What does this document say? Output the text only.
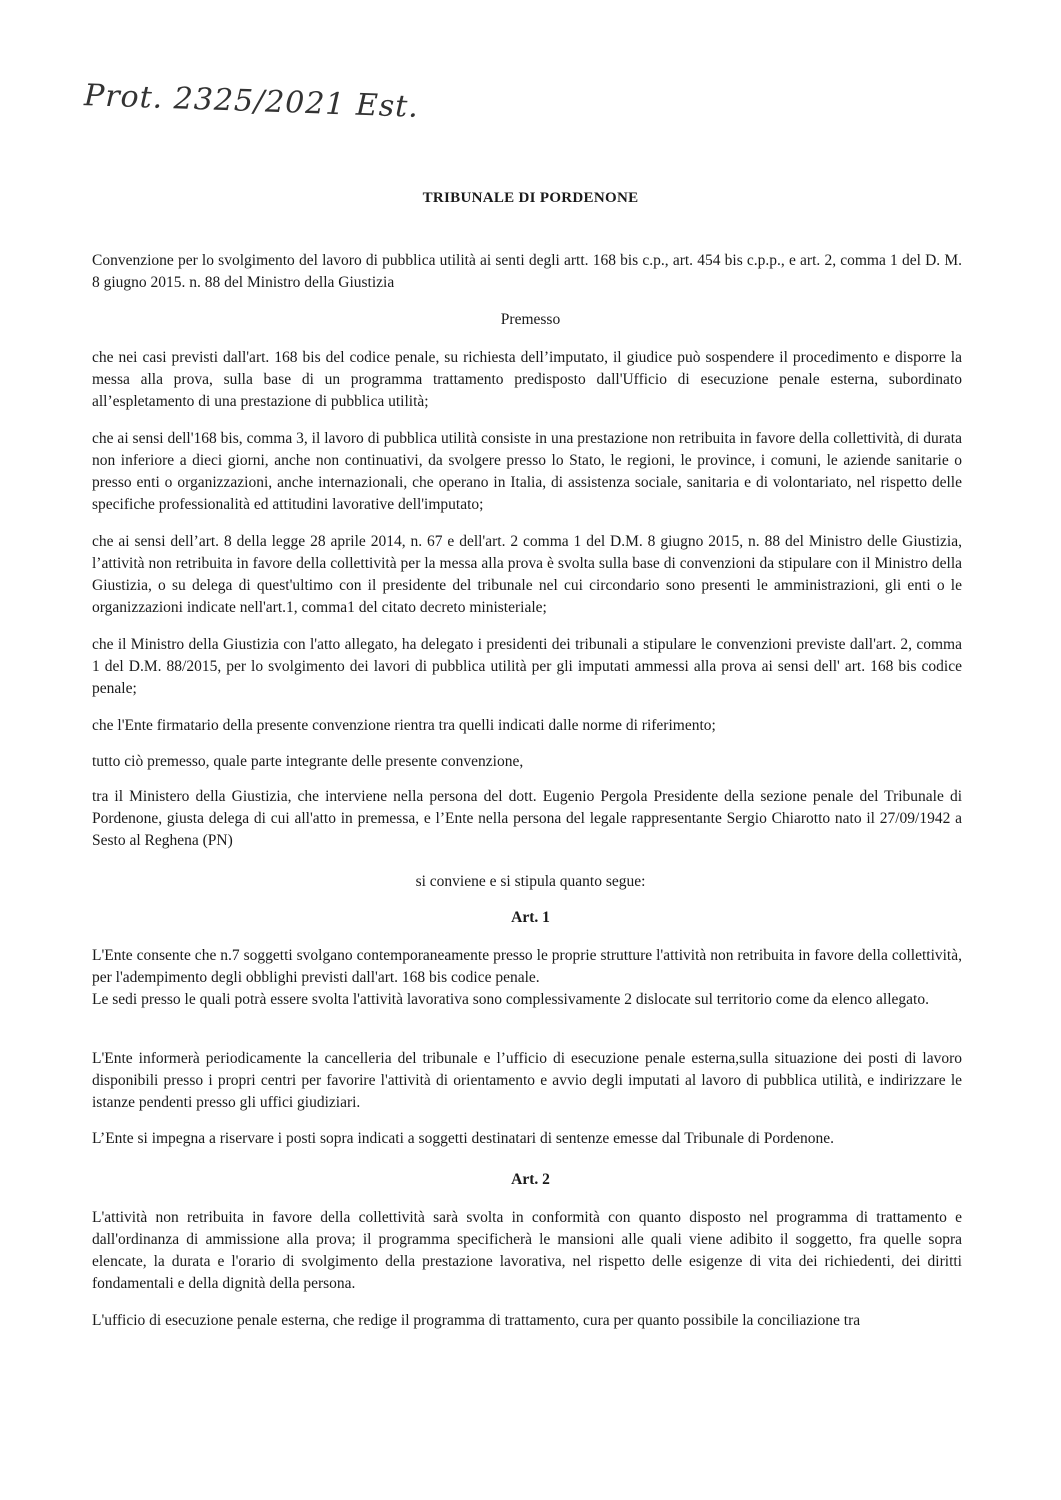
Prot. 2325/2021 Est.
TRIBUNALE DI PORDENONE

Convenzione per lo svolgimento del lavoro di pubblica utilità ai senti degli artt. 168 bis c.p., art. 454 bis c.p.p., e art. 2, comma 1 del D. M. 8 giugno 2015. n. 88 del Ministro della Giustizia

Premesso

che nei casi previsti dall'art. 168 bis del codice penale, su richiesta dell’imputato, il giudice può sospendere il procedimento e disporre la messa alla prova, sulla base di un programma trattamento predisposto dall'Ufficio di esecuzione penale esterna, subordinato all’espletamento di una prestazione di pubblica utilità;

che ai sensi dell'168 bis, comma 3, il lavoro di pubblica utilità consiste in una prestazione non retribuita in favore della collettività, di durata non inferiore a dieci giorni, anche non continuativi, da svolgere presso lo Stato, le regioni, le province, i comuni, le aziende sanitarie o presso enti o organizzazioni, anche internazionali, che operano in Italia, di assistenza sociale, sanitaria e di volontariato, nel rispetto delle specifiche professionalità ed attitudini lavorative dell'imputato;

che ai sensi dell’art. 8 della legge 28 aprile 2014, n. 67 e dell'art. 2 comma 1 del D.M. 8 giugno 2015, n. 88 del Ministro delle Giustizia, l’attività non retribuita in favore della collettività per la messa alla prova è svolta sulla base di convenzioni da stipulare con il Ministro della Giustizia, o su delega di quest'ultimo con il presidente del tribunale nel cui circondario sono presenti le amministrazioni, gli enti o le organizzazioni indicate nell'art.1, comma1 del citato decreto ministeriale;

che il Ministro della Giustizia con l'atto allegato, ha delegato i presidenti dei tribunali a stipulare le convenzioni previste dall'art. 2, comma 1 del D.M. 88/2015, per lo svolgimento dei lavori di pubblica utilità per gli imputati ammessi alla prova ai sensi dell' art. 168 bis codice penale;

che l'Ente firmatario della presente convenzione rientra tra quelli indicati dalle norme di riferimento;

tutto ciò premesso, quale parte integrante delle presente convenzione,

tra il Ministero della Giustizia, che interviene nella persona del dott. Eugenio Pergola Presidente della sezione penale del Tribunale di Pordenone, giusta delega di cui all'atto in premessa, e l’Ente nella persona del legale rappresentante Sergio Chiarotto nato il 27/09/1942 a Sesto al Reghena (PN)

si conviene e si stipula quanto segue:
Art. 1

L'Ente consente che n.7 soggetti svolgano contemporaneamente presso le proprie strutture l'attività non retribuita in favore della collettività, per l'adempimento degli obblighi previsti dall'art. 168 bis codice penale.

Le sedi presso le quali potrà essere svolta l'attività lavorativa sono complessivamente 2 dislocate sul territorio come da elenco allegato.

L'Ente informerà periodicamente la cancelleria del tribunale e l’ufficio di esecuzione penale esterna,sulla situazione dei posti di lavoro disponibili presso i propri centri per favorire l'attività di orientamento e avvio degli imputati al lavoro di pubblica utilità, e indirizzare le istanze pendenti presso gli uffici giudiziari.

L’Ente si impegna a riservare i posti sopra indicati a soggetti destinatari di sentenze emesse dal Tribunale di Pordenone.

Art. 2

L'attività non retribuita in favore della collettività sarà svolta in conformità con quanto disposto nel programma di trattamento e dall'ordinanza di ammissione alla prova; il programma specificherà le mansioni alle quali viene adibito il soggetto, fra quelle sopra elencate, la durata e l'orario di svolgimento della prestazione lavorativa, nel rispetto delle esigenze di vita dei richiedenti, dei diritti fondamentali e della dignità della persona.

L'ufficio di esecuzione penale esterna, che redige il programma di trattamento, cura per quanto possibile la conciliazione tra
